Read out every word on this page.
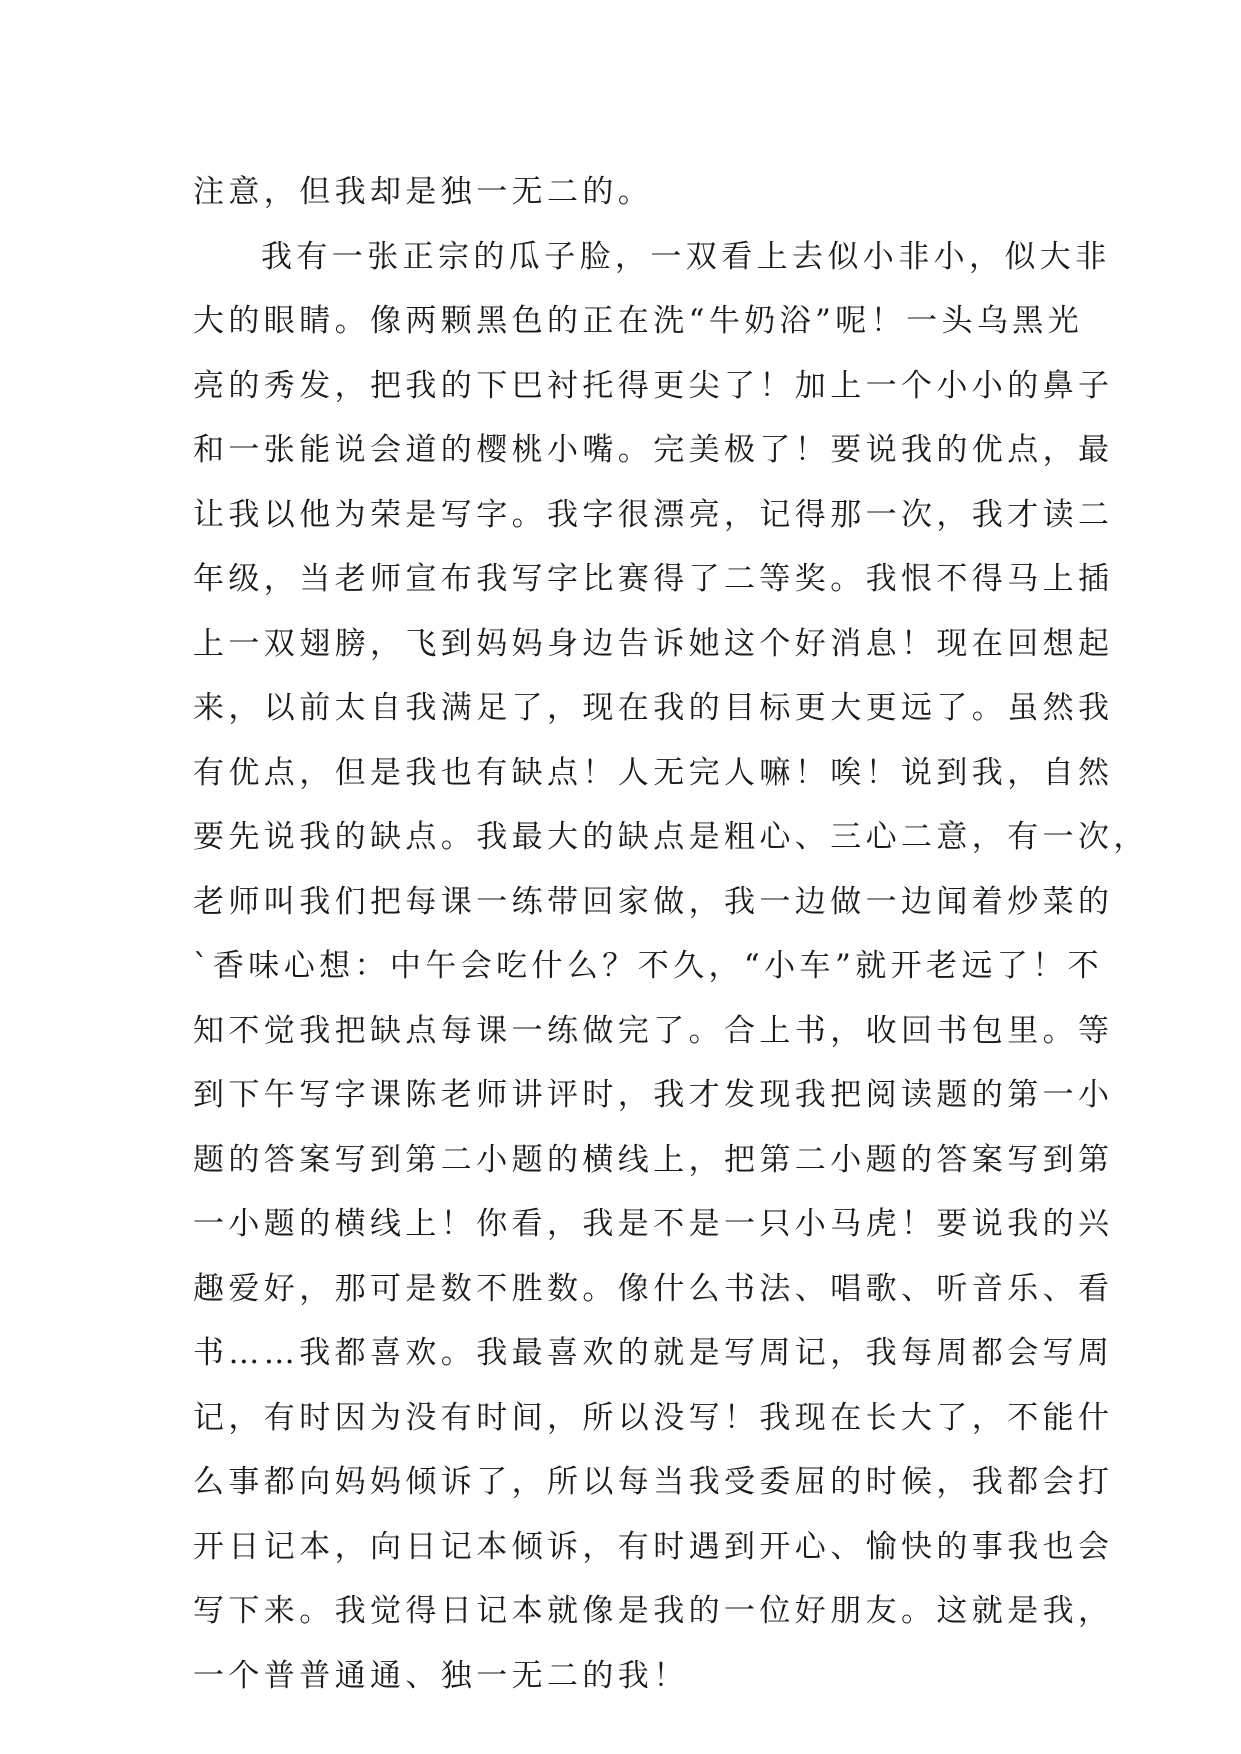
注意，但我却是独一无二的。
我有一张正宗的瓜子脸，一双看上去似小非小，似大非
大的眼睛。像两颗黑色的正在洗“牛奶浴”呢！一头乌黑光
亮的秀发，把我的下巴衬托得更尖了！加上一个小小的鼻子
和一张能说会道的樱桃小嘴。完美极了！要说我的优点，最
让我以他为荣是写字。我字很漂亮，记得那一次，我才读二
年级，当老师宣布我写字比赛得了二等奖。我恨不得马上插
上一双翅膀，飞到妈妈身边告诉她这个好消息！现在回想起
来，以前太自我满足了，现在我的目标更大更远了。虽然我
有优点，但是我也有缺点！人无完人嘛！唉！说到我，自然
要先说我的缺点。我最大的缺点是粗心、三心二意，有一次，
老师叫我们把每课一练带回家做，我一边做一边闻着炒菜的
`香味心想：中午会吃什么？不久，“小车”就开老远了！不
知不觉我把缺点每课一练做完了。合上书，收回书包里。等
到下午写字课陈老师讲评时，我才发现我把阅读题的第一小
题的答案写到第二小题的横线上，把第二小题的答案写到第
一小题的横线上！你看，我是不是一只小马虎！要说我的兴
趣爱好，那可是数不胜数。像什么书法、唱歌、听音乐、看
书……我都喜欢。我最喜欢的就是写周记，我每周都会写周
记，有时因为没有时间，所以没写！我现在长大了，不能什
么事都向妈妈倾诉了，所以每当我受委屈的时候，我都会打
开日记本，向日记本倾诉，有时遇到开心、愉快的事我也会
写下来。我觉得日记本就像是我的一位好朋友。这就是我，
一个普普通通、独一无二的我！
